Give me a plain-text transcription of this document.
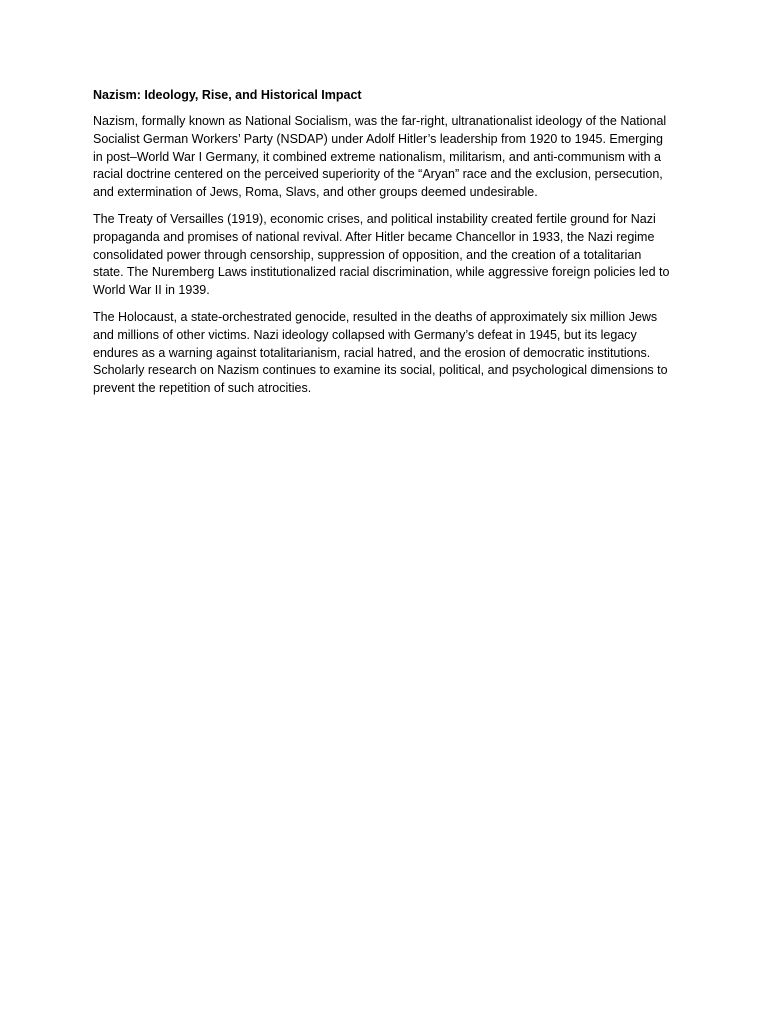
Nazism: Ideology, Rise, and Historical Impact

Nazism, formally known as National Socialism, was the far-right, ultranationalist ideology of the National Socialist German Workers’ Party (NSDAP) under Adolf Hitler’s leadership from 1920 to 1945. Emerging in post–World War I Germany, it combined extreme nationalism, militarism, and anti-communism with a racial doctrine centered on the perceived superiority of the “Aryan” race and the exclusion, persecution, and extermination of Jews, Roma, Slavs, and other groups deemed undesirable.

The Treaty of Versailles (1919), economic crises, and political instability created fertile ground for Nazi propaganda and promises of national revival. After Hitler became Chancellor in 1933, the Nazi regime consolidated power through censorship, suppression of opposition, and the creation of a totalitarian state. The Nuremberg Laws institutionalized racial discrimination, while aggressive foreign policies led to World War II in 1939.

The Holocaust, a state-orchestrated genocide, resulted in the deaths of approximately six million Jews and millions of other victims. Nazi ideology collapsed with Germany’s defeat in 1945, but its legacy endures as a warning against totalitarianism, racial hatred, and the erosion of democratic institutions. Scholarly research on Nazism continues to examine its social, political, and psychological dimensions to prevent the repetition of such atrocities.
